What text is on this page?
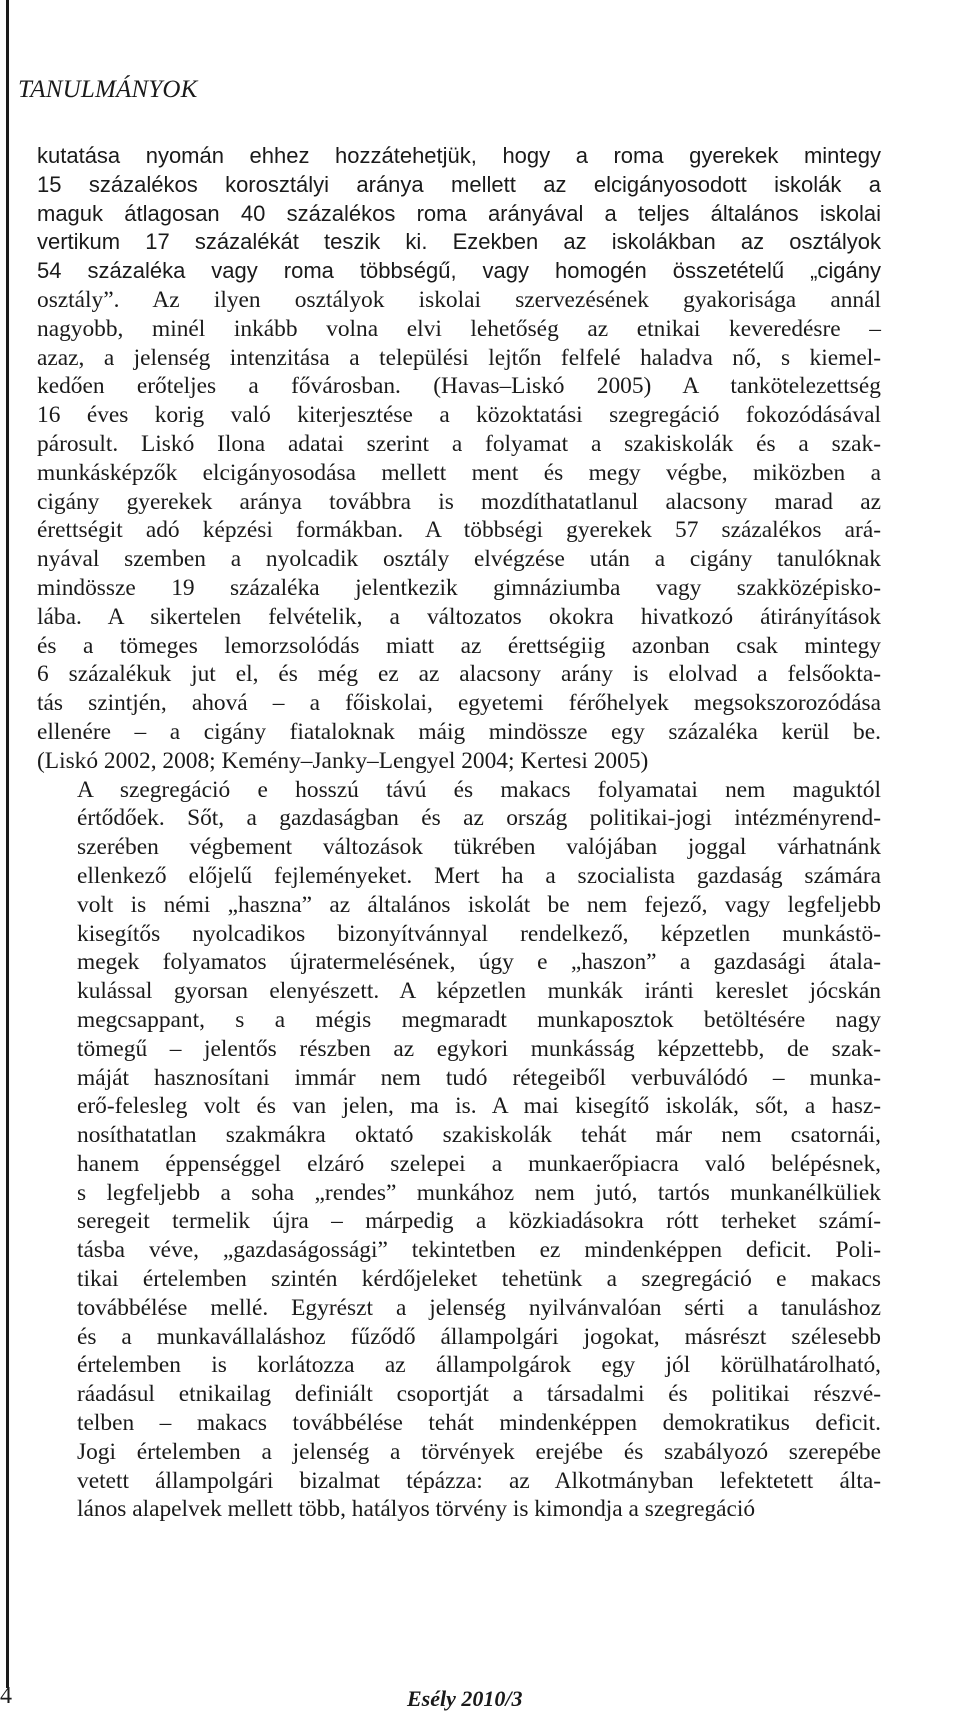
TANULMÁNYOK

kutatása nyomán ehhez hozzátehetjük, hogy a roma gyerekek mintegy
15 százalékos korosztályi aránya mellett az elcigányosodott iskolák a
maguk átlagosan 40 százalékos roma arányával a teljes általános iskolai
vertikum 17 százalékát teszik ki. Ezekben az iskolákban az osztályok
54 százaléka vagy roma többségű, vagy homogén összetételű „cigány
osztály”. Az ilyen osztályok iskolai szervezésének gyakorisága annál
nagyobb, minél inkább volna elvi lehetőség az etnikai keveredésre –
azaz, a jelenség intenzitása a települési lejtőn felfelé haladva nő, s kiemel-
kedően erőteljes a fővárosban. (Havas–Liskó 2005) A tankötelezettség
16 éves korig való kiterjesztése a közoktatási szegregáció fokozódásával
párosult. Liskó Ilona adatai szerint a folyamat a szakiskolák és a szak-
munkásképzők elcigányosodása mellett ment és megy végbe, miközben a
cigány gyerekek aránya továbbra is mozdíthatatlanul alacsony marad az
érettségit adó képzési formákban. A többségi gyerekek 57 százalékos ará-
nyával szemben a nyolcadik osztály elvégzése után a cigány tanulóknak
mindössze 19 százaléka jelentkezik gimnáziumba vagy szakközépisko-
lába. A sikertelen felvételik, a változatos okokra hivatkozó átirányítások
és a tömeges lemorzsolódás miatt az érettségiig azonban csak mintegy
6 százalékuk jut el, és még ez az alacsony arány is elolvad a felsőokta-
tás szintjén, ahová – a főiskolai, egyetemi férőhelyek megsokszorozódása
ellenére – a cigány fiataloknak máig mindössze egy százaléka kerül be.
(Liskó 2002, 2008; Kemény–Janky–Lengyel 2004; Kertesi 2005)

A szegregáció e hosszú távú és makacs folyamatai nem maguktól
értődőek. Sőt, a gazdaságban és az ország politikai-jogi intézményrend-
szerében végbement változások tükrében valójában joggal várhatnánk
ellenkező előjelű fejleményeket. Mert ha a szocialista gazdaság számára
volt is némi „haszna” az általános iskolát be nem fejező, vagy legfeljebb
kisegítős nyolcadikos bizonyítvánnyal rendelkező, képzetlen munkástö-
megek folyamatos újratermelésének, úgy e „haszon” a gazdasági átala-
kulással gyorsan elenyészett. A képzetlen munkák iránti kereslet jócskán
megcsappant, s a mégis megmaradt munkaposztok betöltésére nagy
tömegű – jelentős részben az egykori munkásság képzettebb, de szak-
máját hasznosítani immár nem tudó rétegeiből verbuválódó – munka-
erő-felesleg volt és van jelen, ma is. A mai kisegítő iskolák, sőt, a hasz-
nosíthatatlan szakmákra oktató szakiskolák tehát már nem csatornái,
hanem éppenséggel elzáró szelepei a munkaerőpiacra való belépésnek,
s legfeljebb a soha „rendes” munkához nem jutó, tartós munkanélküliek
seregeit termelik újra – márpedig a közkiadásokra rótt terheket számí-
tásba véve, „gazdaságossági” tekintetben ez mindenképpen deficit. Poli-
tikai értelemben szintén kérdőjeleket tehetünk a szegregáció e makacs
továbbélése mellé. Egyrészt a jelenség nyilvánvalóan sérti a tanuláshoz
és a munkavállaláshoz fűződő állampolgári jogokat, másrészt szélesebb
értelemben is korlátozza az állampolgárok egy jól körülhatárolható,
ráadásul etnikailag definiált csoportját a társadalmi és politikai részvé-
telben – makacs továbbélése tehát mindenképpen demokratikus deficit.
Jogi értelemben a jelenség a törvények erejébe és szabályozó szerepébe
vetett állampolgári bizalmat tépázza: az Alkotmányban lefektetett álta-
lános alapelvek mellett több, hatályos törvény is kimondja a szegregáció

4	Esély 2010/3
